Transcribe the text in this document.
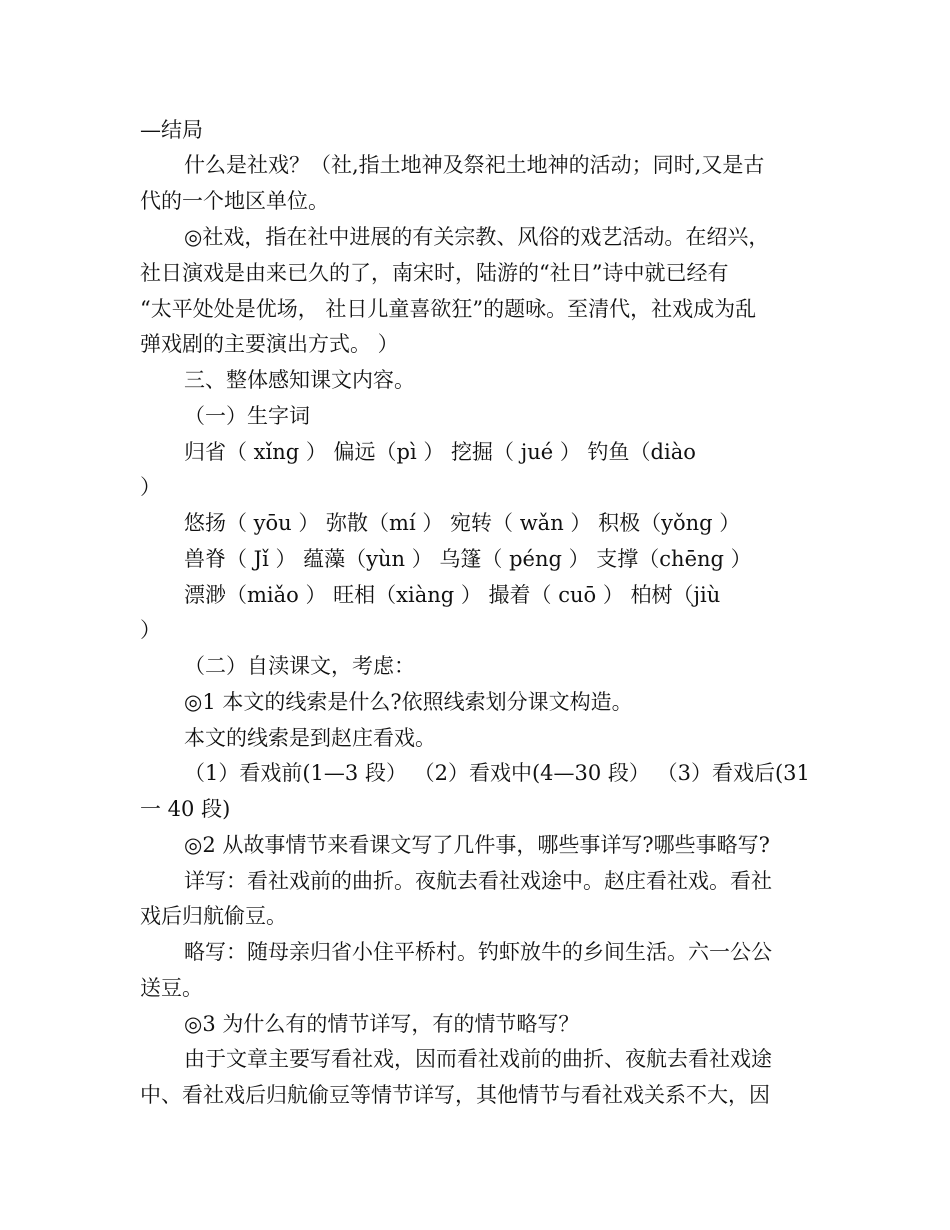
—结局
什么是社戏？（社,指土地神及祭祀土地神的活动；同时,又是古
代的一个地区单位。
◎社戏，指在社中进展的有关宗教、风俗的戏艺活动。在绍兴，
社日演戏是由来已久的了，南宋时，陆游的“社日”诗中就已经有
“太平处处是优场， 社日儿童喜欲狂”的题咏。至清代，社戏成为乱
弹戏剧的主要演出方式。 ）
三、整体感知课文内容。
（一）生字词
归省（ xǐng ） 偏远（pì ） 挖掘（ jué ） 钓鱼（diào
）
悠扬（ yōu ） 弥散（mí ） 宛转（ wǎn ） 积极（yǒng ）
兽脊（ Jǐ ） 蕴藻（yùn ） 乌篷（ péng ） 支撑（chēng ）
漂渺（miǎo ） 旺相（xiàng ） 撮着（ cuō ） 柏树（jiù
）
（二）自渎课文，考虑：
◎1 本文的线索是什么?依照线索划分课文构造。
本文的线索是到赵庄看戏。
（1）看戏前(1—3 段） （2）看戏中(4—30 段） （3）看戏后(31
一 40 段)
◎2 从故事情节来看课文写了几件事，哪些事详写?哪些事略写?
详写：看社戏前的曲折。夜航去看社戏途中。赵庄看社戏。看社
戏后归航偷豆。
略写：随母亲归省小住平桥村。钓虾放牛的乡间生活。六一公公
送豆。
◎3 为什么有的情节详写，有的情节略写？
由于文章主要写看社戏，因而看社戏前的曲折、夜航去看社戏途
中、看社戏后归航偷豆等情节详写，其他情节与看社戏关系不大，因
